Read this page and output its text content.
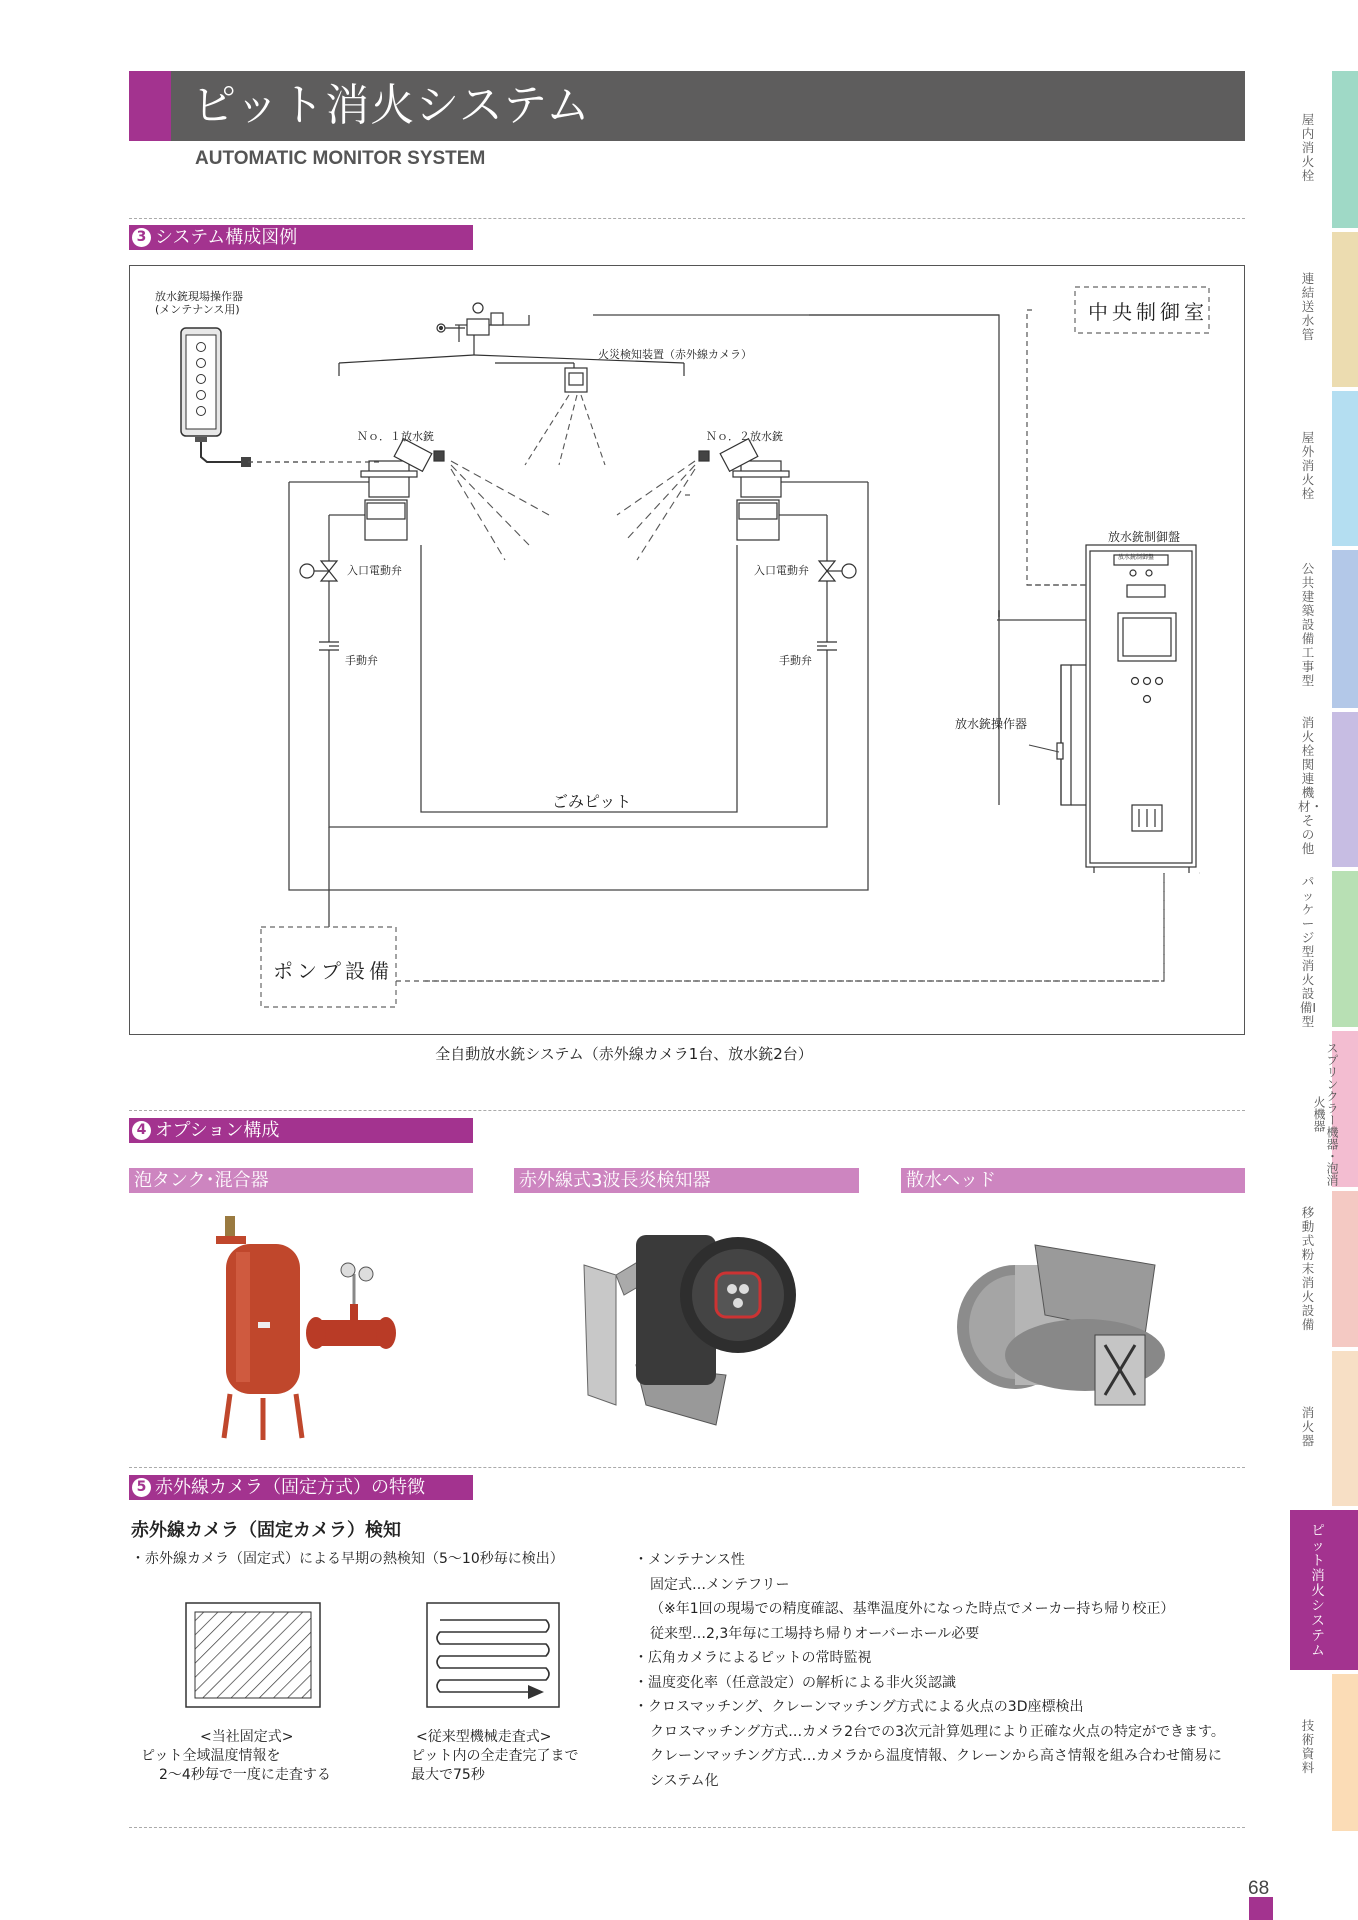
ピット消火システム
AUTOMATIC MONITOR SYSTEM
3 システム構成図例
放水銃現場操作器
(メンテナンス用)
火災検知装置（赤外線カメラ）
中央制御室
Ｎｏ．１放水銃	Ｎｏ．２放水銃
入口電動弁	入口電動弁
手動弁	手動弁
ごみピット
放水銃制御盤
放水銃制御盤
放水銃操作器
ポンプ設備
全自動放水銃システム（赤外線カメラ1台、放水銃2台）
4 オプション構成
泡タンク･混合器	赤外線式3波長炎検知器	散水ヘッド
5 赤外線カメラ（固定方式）の特徴
赤外線カメラ（固定カメラ）検知
・赤外線カメラ（固定式）による早期の熱検知（5〜10秒毎に検出）
<当社固定式>
ピット全域温度情報を
2〜4秒毎で一度に走査する
<従来型機械走査式>
ピット内の全走査完了まで
最大で75秒
・メンテナンス性
固定式…メンテフリー
（※年1回の現場での精度確認、基準温度外になった時点でメーカー持ち帰り校正）
従来型…2,3年毎に工場持ち帰りオーバーホール必要
・広角カメラによるピットの常時監視
・温度変化率（任意設定）の解析による非火災認識
・クロスマッチング、クレーンマッチング方式による火点の3D座標検出
クロスマッチング方式…カメラ2台での3次元計算処理により正確な火点の特定ができます。
クレーンマッチング方式…カメラから温度情報、クレーンから高さ情報を組み合わせ簡易に
システム化
屋内消火栓
連結送水管
屋外消火栓
公共建築設備工事型
消火栓関連機材・その他
パッケージ型消火設備Ⅰ型
スプリンクラー機器・泡消火機器
移動式粉末消火設備
消火器
技術資料
ピット消火システム
68
